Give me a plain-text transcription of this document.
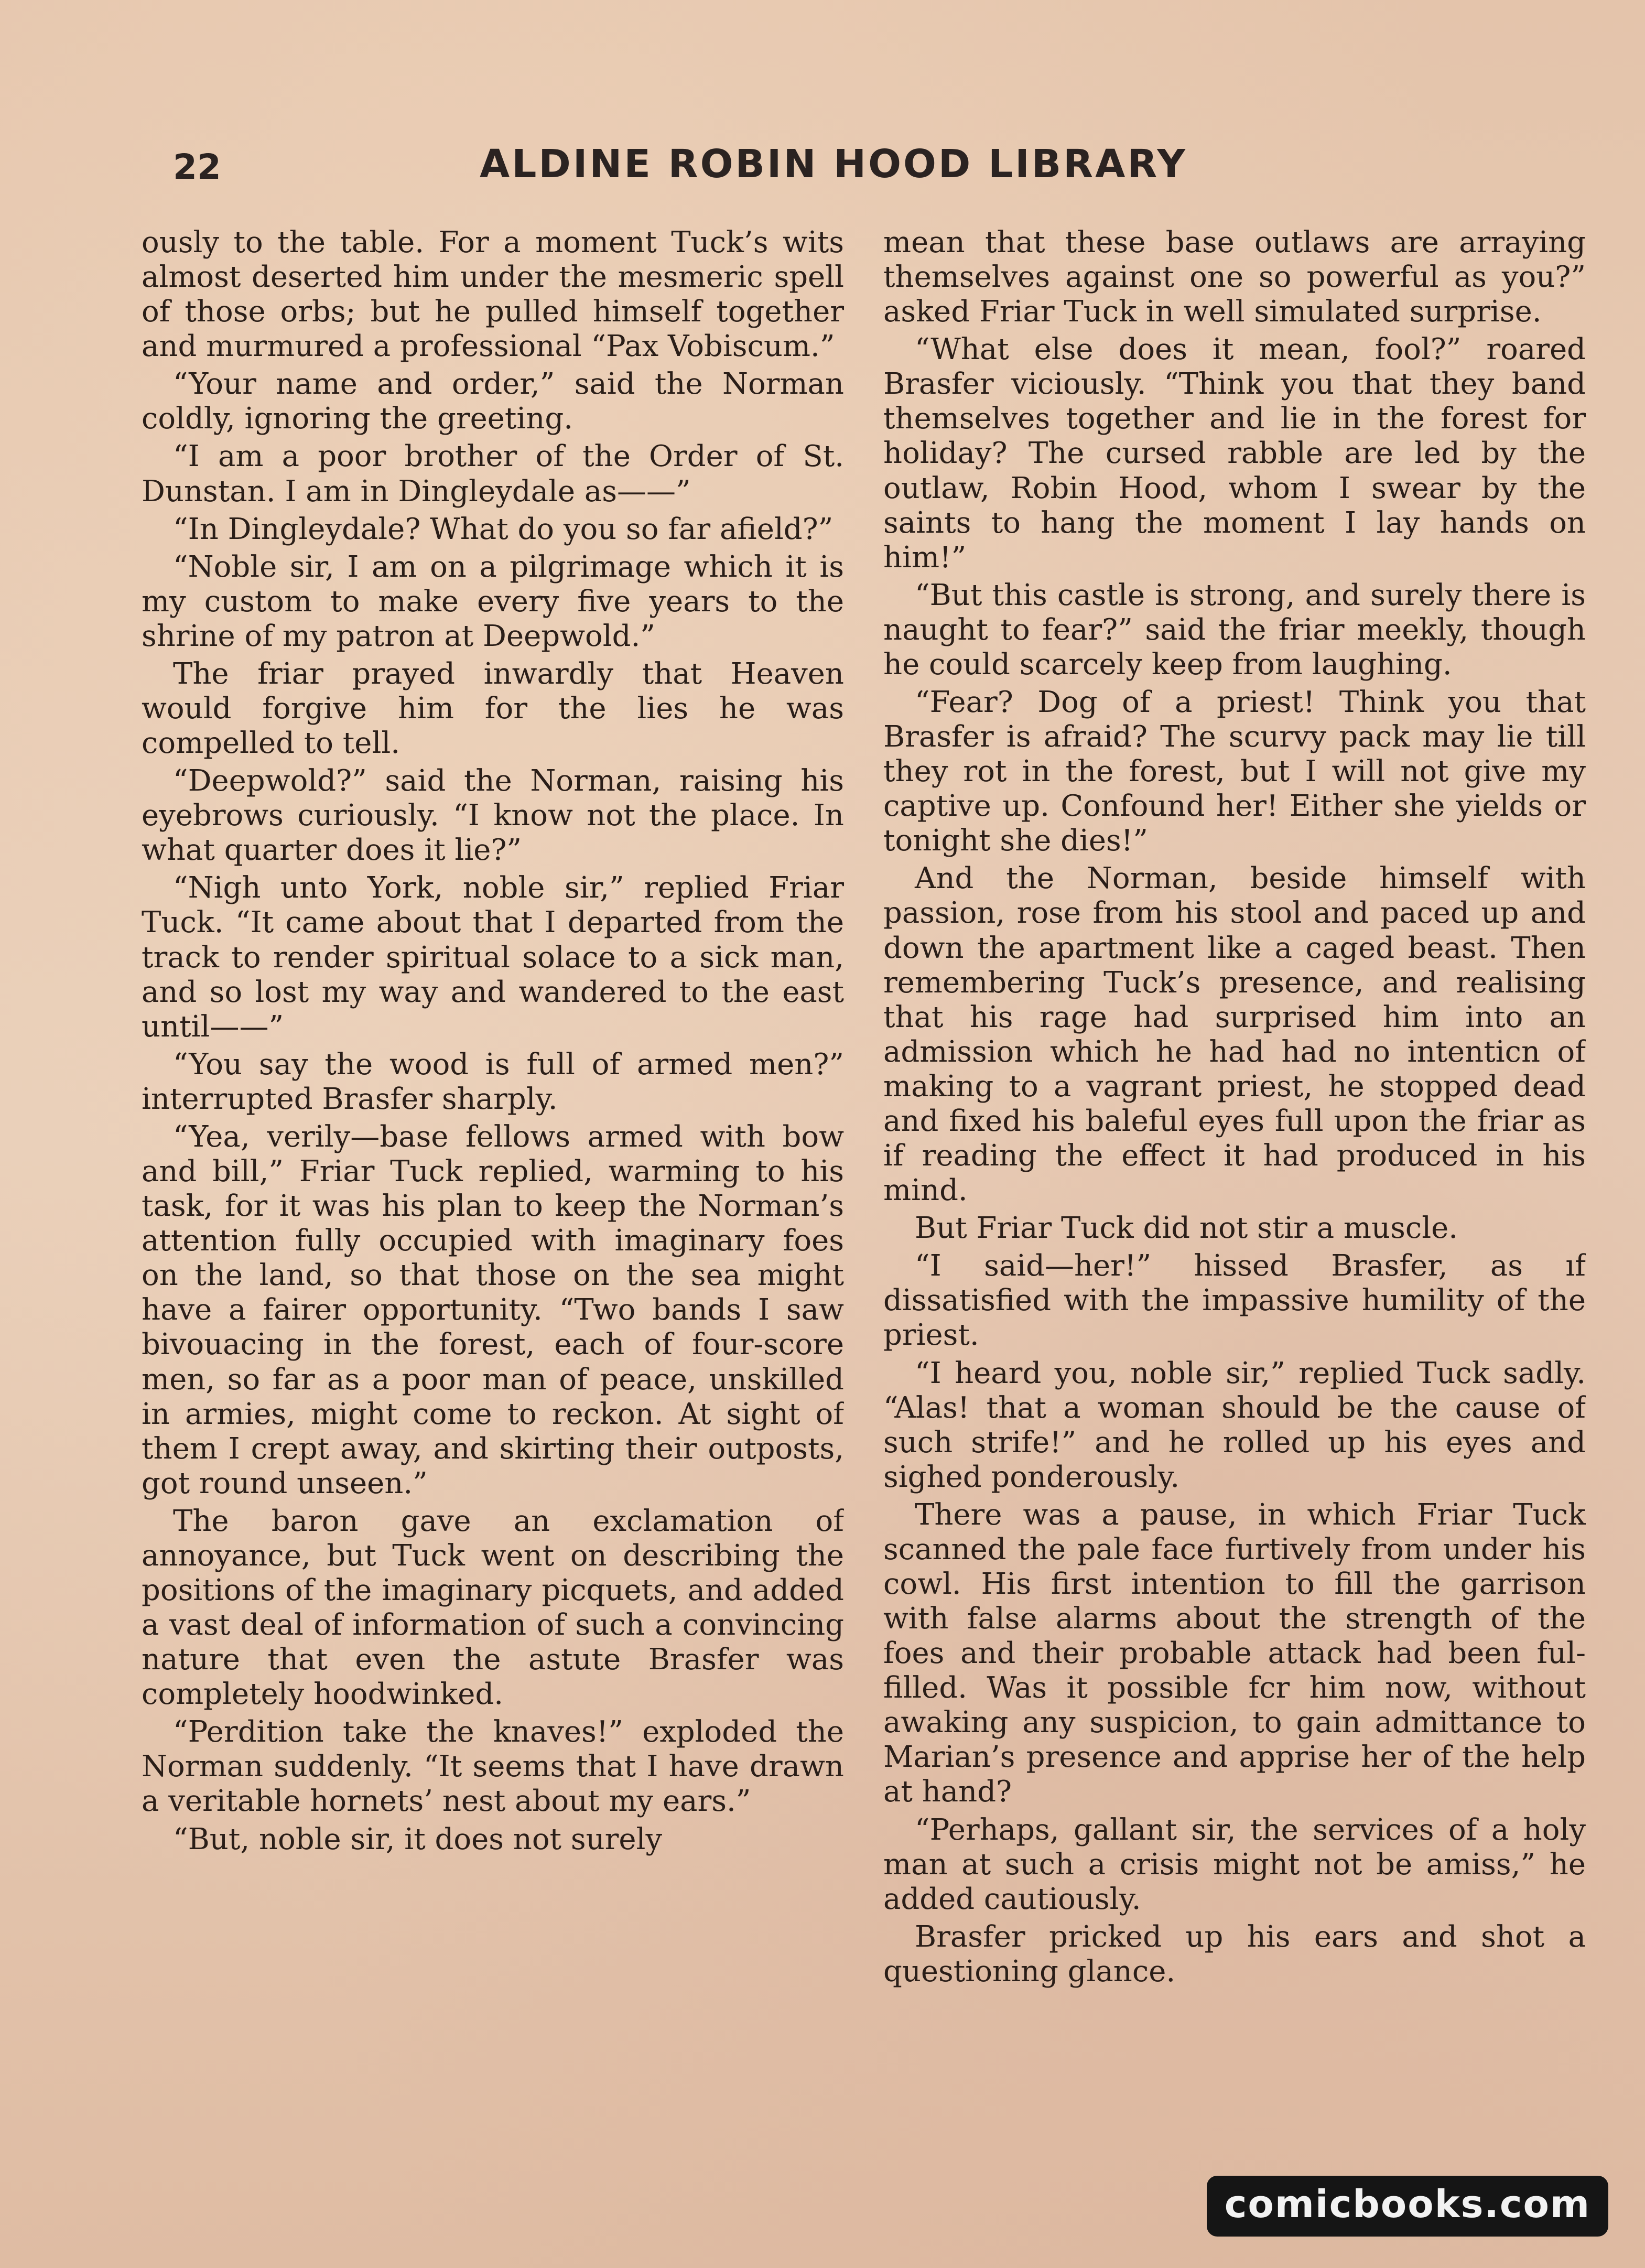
22	ALDINE ROBIN HOOD LIBRARY

ously to the table. For a moment Tuck’s wits almost deserted him under the mesmeric spell of those orbs; but he pulled himself together and murmured a professional “Pax Vobiscum.”

“Your name and order,” said the Norman coldly, ignoring the greeting.

“I am a poor brother of the Order of St. Dunstan. I am in Dingleydale as——”

“In Dingleydale? What do you so far afield?”

“Noble sir, I am on a pilgrimage which it is my custom to make every five years to the shrine of my patron at Deepwold.”

The friar prayed inwardly that Heaven would forgive him for the lies he was compelled to tell.

“Deepwold?” said the Norman, raising his eyebrows curiously. “I know not the place. In what quarter does it lie?”

“Nigh unto York, noble sir,” replied Friar Tuck. “It came about that I departed from the track to render spiritual solace to a sick man, and so lost my way and wandered to the east until——”

“You say the wood is full of armed men?” interrupted Brasfer sharply.

“Yea, verily—base fellows armed with bow and bill,” Friar Tuck replied, warming to his task, for it was his plan to keep the Norman’s attention fully occupied with imaginary foes on the land, so that those on the sea might have a fairer opportunity. “Two bands I saw bivouacing in the forest, each of four-score men, so far as a poor man of peace, unskilled in armies, might come to reckon. At sight of them I crept away, and skirting their outposts, got round unseen.”

The baron gave an exclamation of annoyance, but Tuck went on describing the positions of the imaginary picquets, and added a vast deal of information of such a convincing nature that even the astute Brasfer was completely hoodwinked.

“Perdition take the knaves!” exploded the Norman suddenly. “It seems that I have drawn a veritable hornets’ nest about my ears.”

“But, noble sir, it does not surely

mean that these base outlaws are arraying themselves against one so powerful as you?” asked Friar Tuck in well simulated surprise.

“What else does it mean, fool?” roared Brasfer viciously. “Think you that they band themselves together and lie in the forest for holiday? The cursed rabble are led by the outlaw, Robin Hood, whom I swear by the saints to hang the moment I lay hands on him!”

“But this castle is strong, and surely there is naught to fear?” said the friar meekly, though he could scarcely keep from laughing.

“Fear? Dog of a priest! Think you that Brasfer is afraid? The scurvy pack may lie till they rot in the forest, but I will not give my captive up. Confound her! Either she yields or tonight she dies!”

And the Norman, beside himself with passion, rose from his stool and paced up and down the apartment like a caged beast. Then remembering Tuck’s presence, and realising that his rage had surprised him into an admission which he had had no intenticn of making to a vagrant priest, he stopped dead and fixed his baleful eyes full upon the friar as if reading the effect it had produced in his mind.

But Friar Tuck did not stir a muscle.

“I said—her!” hissed Brasfer, as ıf dissatisfied with the impassive humility of the priest.

“I heard you, noble sir,” replied Tuck sadly. “Alas! that a woman should be the cause of such strife!” and he rolled up his eyes and sighed ponderously.

There was a pause, in which Friar Tuck scanned the pale face furtively from under his cowl. His first intention to fill the garrison with false alarms about the strength of the foes and their probable attack had been fulfilled. Was it possible fcr him now, without awaking any suspicion, to gain admittance to Marian’s presence and apprise her of the help at hand?

“Perhaps, gallant sir, the services of a holy man at such a crisis might not be amiss,” he added cautiously.

Brasfer pricked up his ears and shot a questioning glance.

comicbooks.com
